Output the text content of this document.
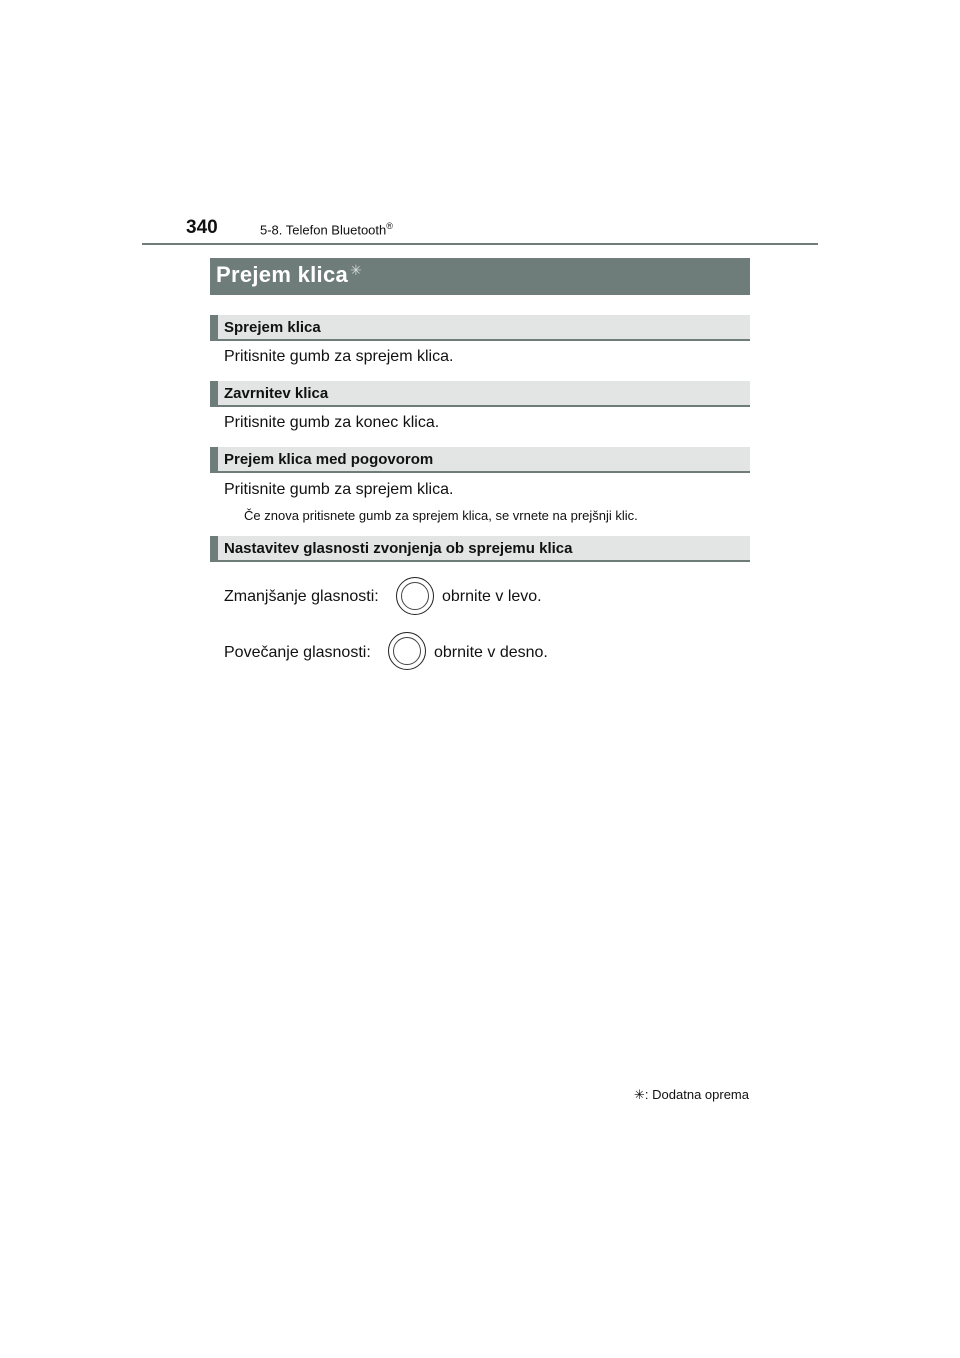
340	5-8. Telefon Bluetooth®
Prejem klica ✳
Sprejem klica
Pritisnite gumb za sprejem klica.
Zavrnitev klica
Pritisnite gumb za konec klica.
Prejem klica med pogovorom
Pritisnite gumb za sprejem klica.
Če znova pritisnete gumb za sprejem klica, se vrnete na prejšnji klic.
Nastavitev glasnosti zvonjenja ob sprejemu klica
Zmanjšanje glasnosti:	obrnite v levo.
Povečanje glasnosti:	obrnite v desno.
✳: Dodatna oprema
